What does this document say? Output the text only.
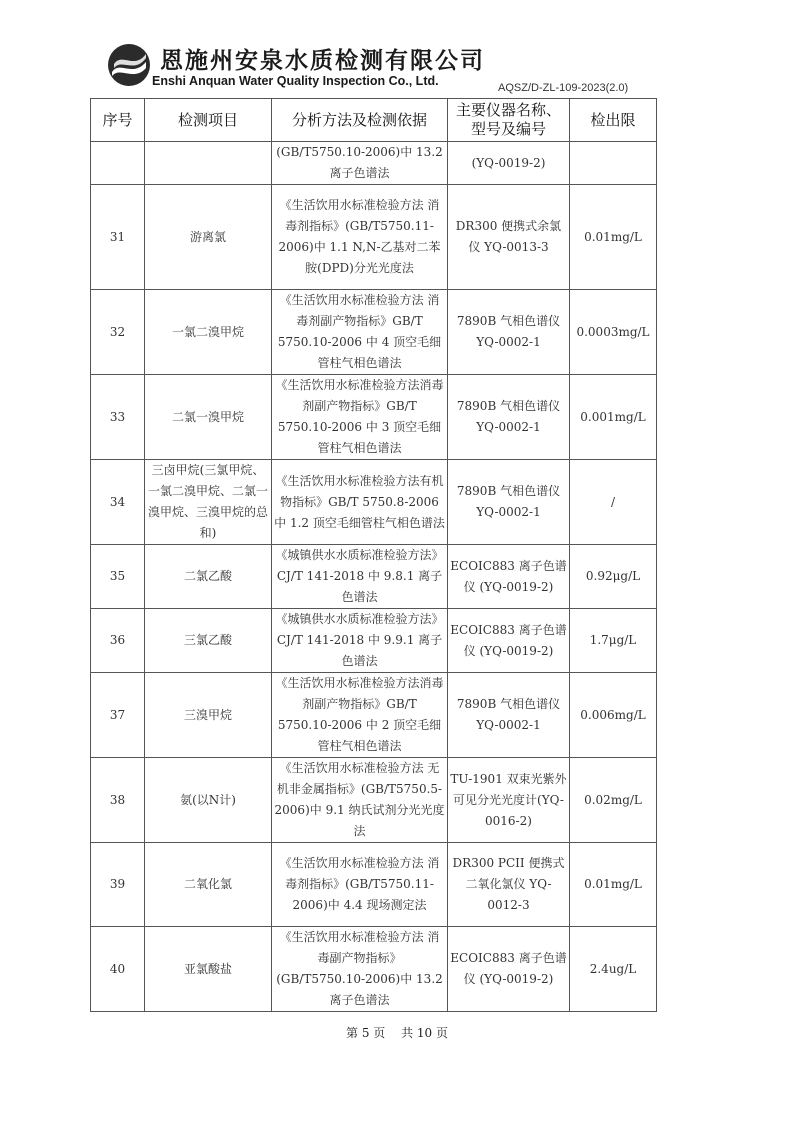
恩施州安泉水质检测有限公司
Enshi Anquan Water Quality Inspection Co., Ltd.	AQSZ/D-ZL-109-2023(2.0)
序号	检测项目	分析方法及检测依据	主要仪器名称、型号及编号	检出限
		(GB/T5750.10-2006)中 13.2 离子色谱法	(YQ-0019-2)	
31	游离氯	《生活饮用水标准检验方法 消毒剂指标》(GB/T5750.11-2006)中 1.1 N,N-乙基对二苯胺(DPD)分光光度法	DR300 便携式余氯仪 YQ-0013-3	0.01mg/L
32	一氯二溴甲烷	《生活饮用水标准检验方法 消毒剂副产物指标》GB/T 5750.10-2006 中 4 顶空毛细管柱气相色谱法	7890B 气相色谱仪 YQ-0002-1	0.0003mg/L
33	二氯一溴甲烷	《生活饮用水标准检验方法消毒剂副产物指标》GB/T 5750.10-2006 中 3 顶空毛细管柱气相色谱法	7890B 气相色谱仪 YQ-0002-1	0.001mg/L
34	三卤甲烷(三氯甲烷、一氯二溴甲烷、二氯一溴甲烷、三溴甲烷的总和)	《生活饮用水标准检验方法有机物指标》GB/T 5750.8-2006 中 1.2 顶空毛细管柱气相色谱法	7890B 气相色谱仪 YQ-0002-1	/
35	二氯乙酸	《城镇供水水质标准检验方法》CJ/T 141-2018 中 9.8.1 离子色谱法	ECOIC883 离子色谱仪 (YQ-0019-2)	0.92μg/L
36	三氯乙酸	《城镇供水水质标准检验方法》CJ/T 141-2018 中 9.9.1 离子色谱法	ECOIC883 离子色谱仪 (YQ-0019-2)	1.7μg/L
37	三溴甲烷	《生活饮用水标准检验方法消毒剂副产物指标》GB/T 5750.10-2006 中 2 顶空毛细管柱气相色谱法	7890B 气相色谱仪 YQ-0002-1	0.006mg/L
38	氨(以N计)	《生活饮用水标准检验方法 无机非金属指标》(GB/T5750.5-2006)中 9.1 纳氏试剂分光光度法	TU-1901 双束光紫外可见分光光度计(YQ-0016-2)	0.02mg/L
39	二氧化氯	《生活饮用水标准检验方法 消毒剂指标》(GB/T5750.11-2006)中 4.4 现场测定法	DR300 PCII 便携式二氧化氯仪 YQ-0012-3	0.01mg/L
40	亚氯酸盐	《生活饮用水标准检验方法 消毒副产物指标》(GB/T5750.10-2006)中 13.2 离子色谱法	ECOIC883 离子色谱仪 (YQ-0019-2)	2.4ug/L
第 5 页 共 10 页
